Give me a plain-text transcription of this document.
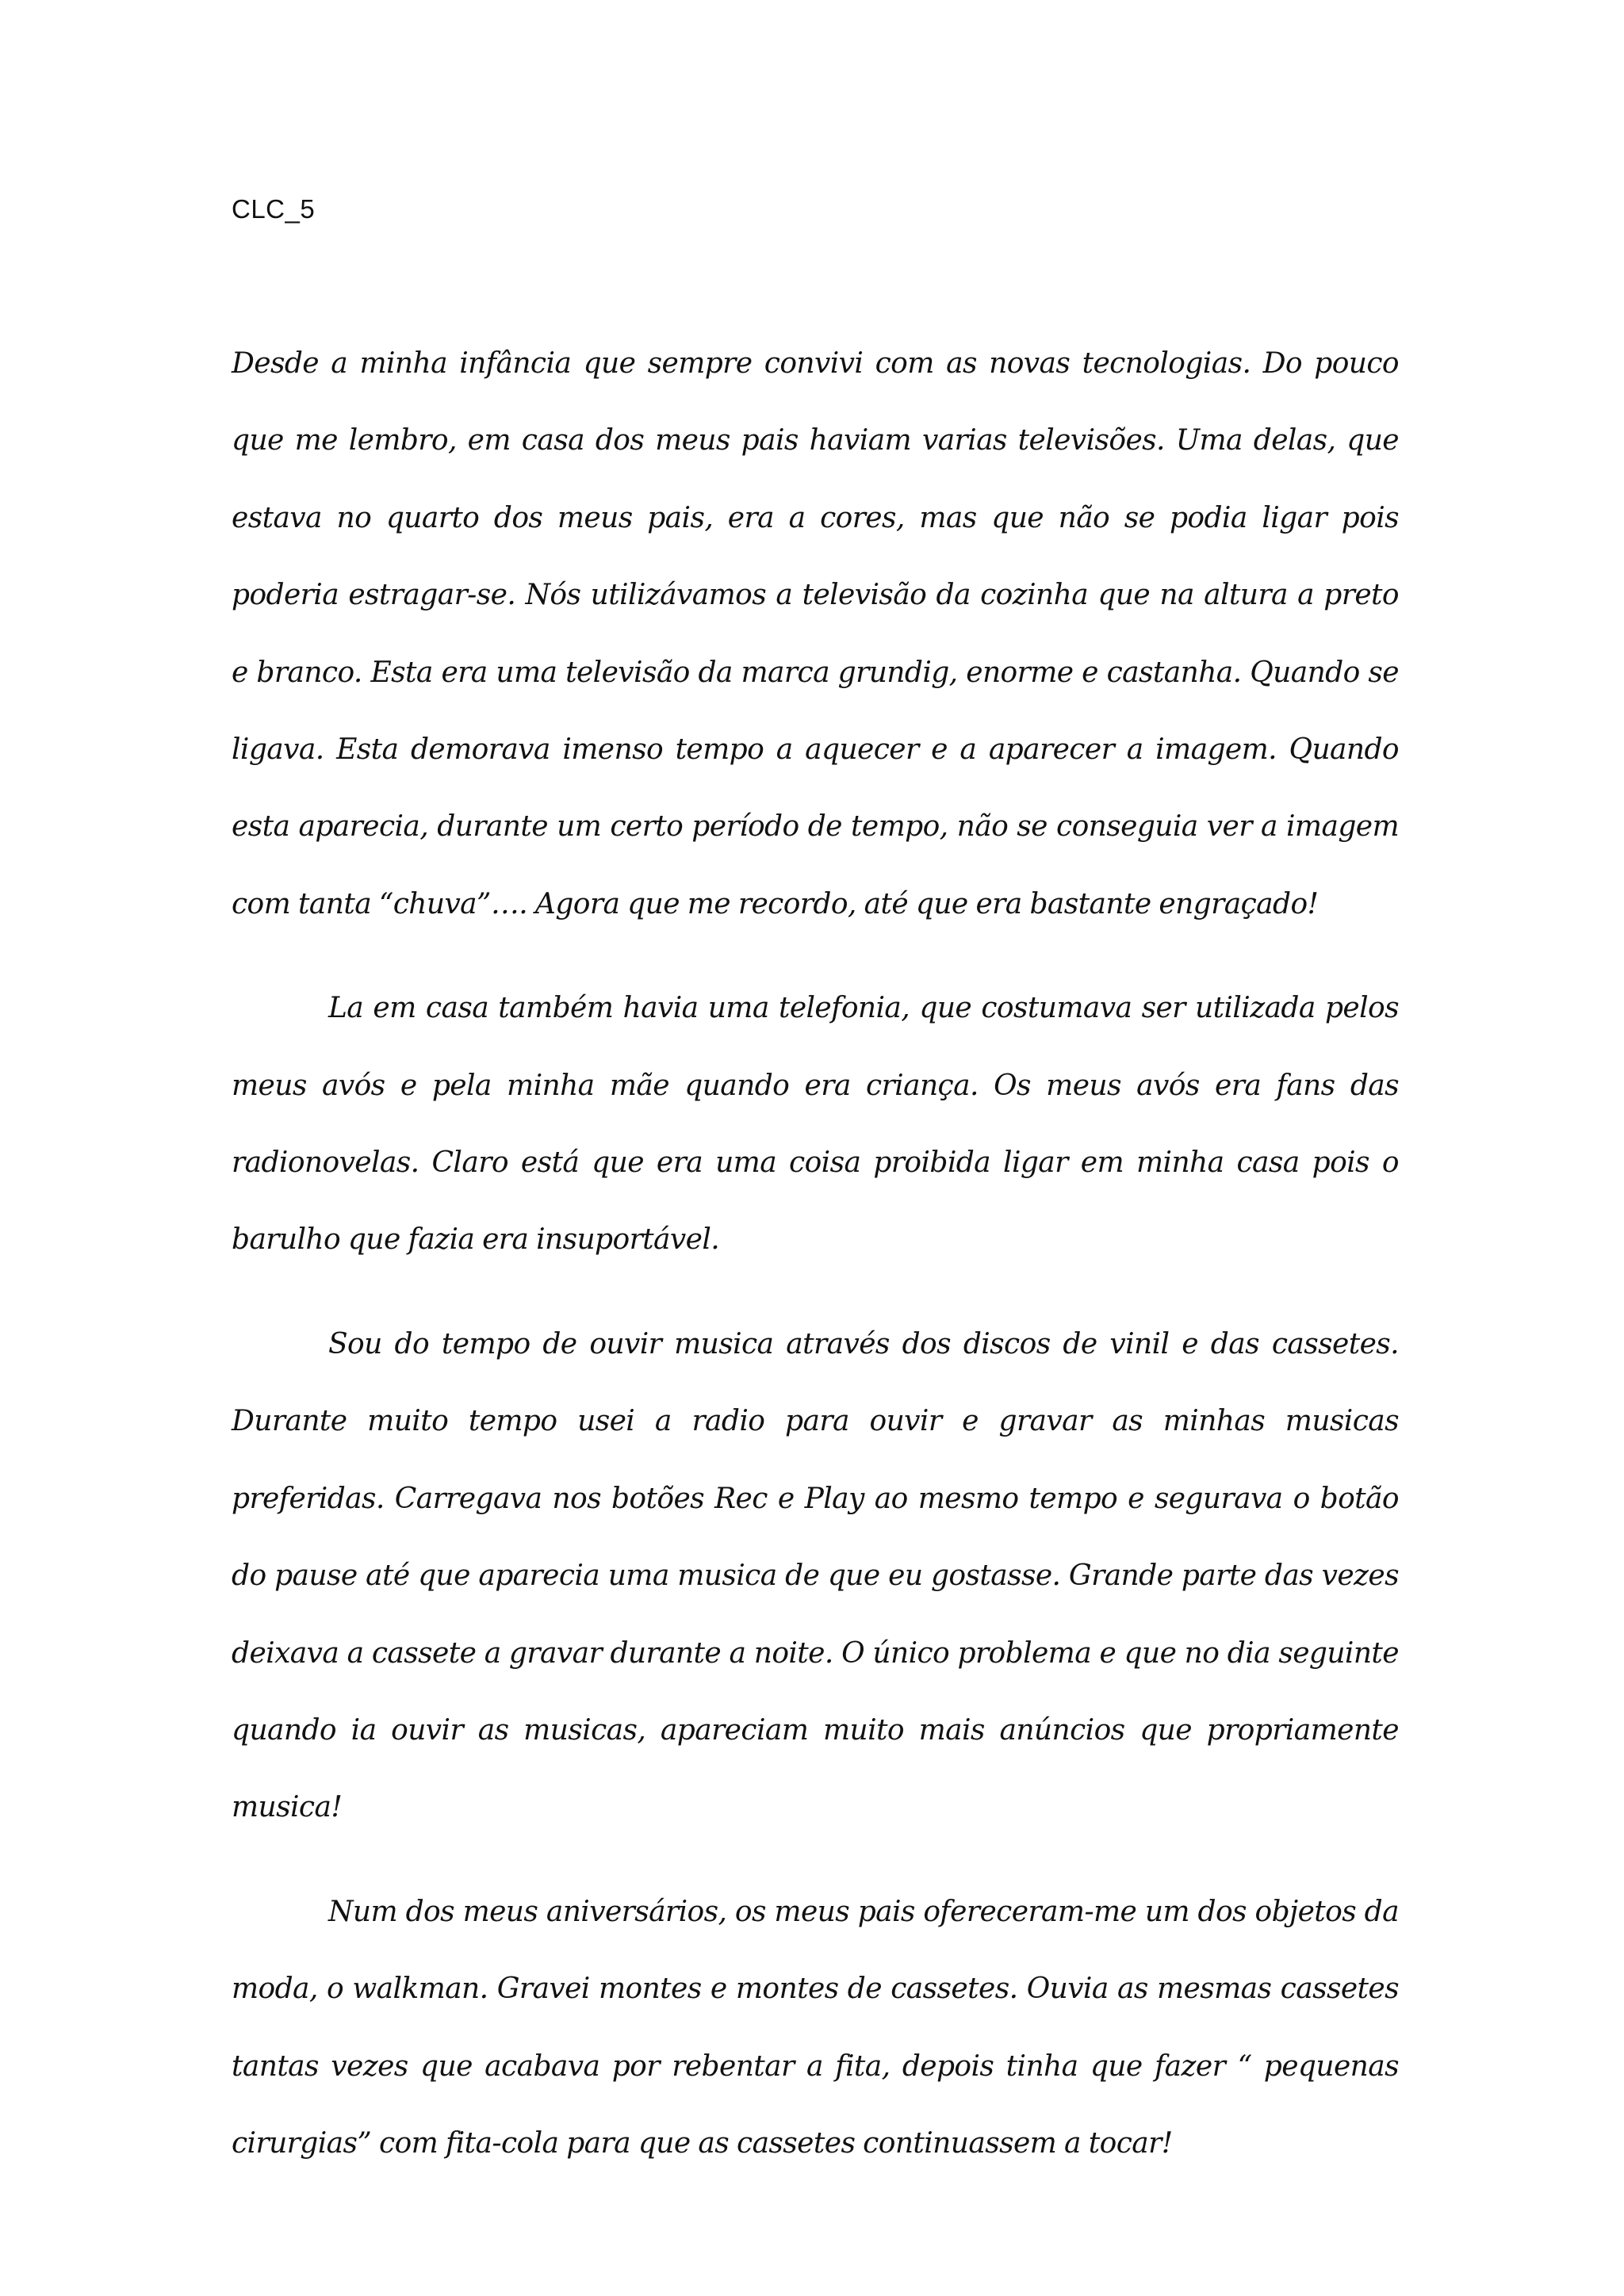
CLC_5

Desde a minha infância que sempre convivi com as novas tecnologias. Do pouco que me lembro, em casa dos meus pais haviam varias televisões. Uma delas, que estava no quarto dos meus pais, era a cores, mas que não se podia ligar pois poderia estragar-se. Nós utilizávamos a televisão da cozinha que na altura a preto e branco. Esta era uma televisão da marca grundig, enorme e castanha. Quando se ligava. Esta demorava imenso tempo a aquecer e a aparecer a imagem. Quando esta aparecia, durante um certo período de tempo, não se conseguia ver a imagem com tanta “chuva”…. Agora que me recordo, até que era bastante engraçado!

La em casa também havia uma telefonia, que costumava ser utilizada pelos meus avós e pela minha mãe quando era criança. Os meus avós era fans das radionovelas. Claro está que era uma coisa proibida ligar em minha casa pois o barulho que fazia era insuportável.

Sou do tempo de ouvir musica através dos discos de vinil e das cassetes. Durante muito tempo usei a radio para ouvir e gravar as minhas musicas preferidas. Carregava nos botões Rec e Play ao mesmo tempo e segurava o botão do pause até que aparecia uma musica de que eu gostasse. Grande parte das vezes deixava a cassete a gravar durante a noite. O único problema e que no dia seguinte quando ia ouvir as musicas, apareciam muito mais anúncios que propriamente musica!

Num dos meus aniversários, os meus pais ofereceram-me um dos objetos da moda, o walkman. Gravei montes e montes de cassetes. Ouvia as mesmas cassetes tantas vezes que acabava por rebentar a fita, depois tinha que fazer “ pequenas cirurgias” com fita-cola para que as cassetes continuassem a tocar!
